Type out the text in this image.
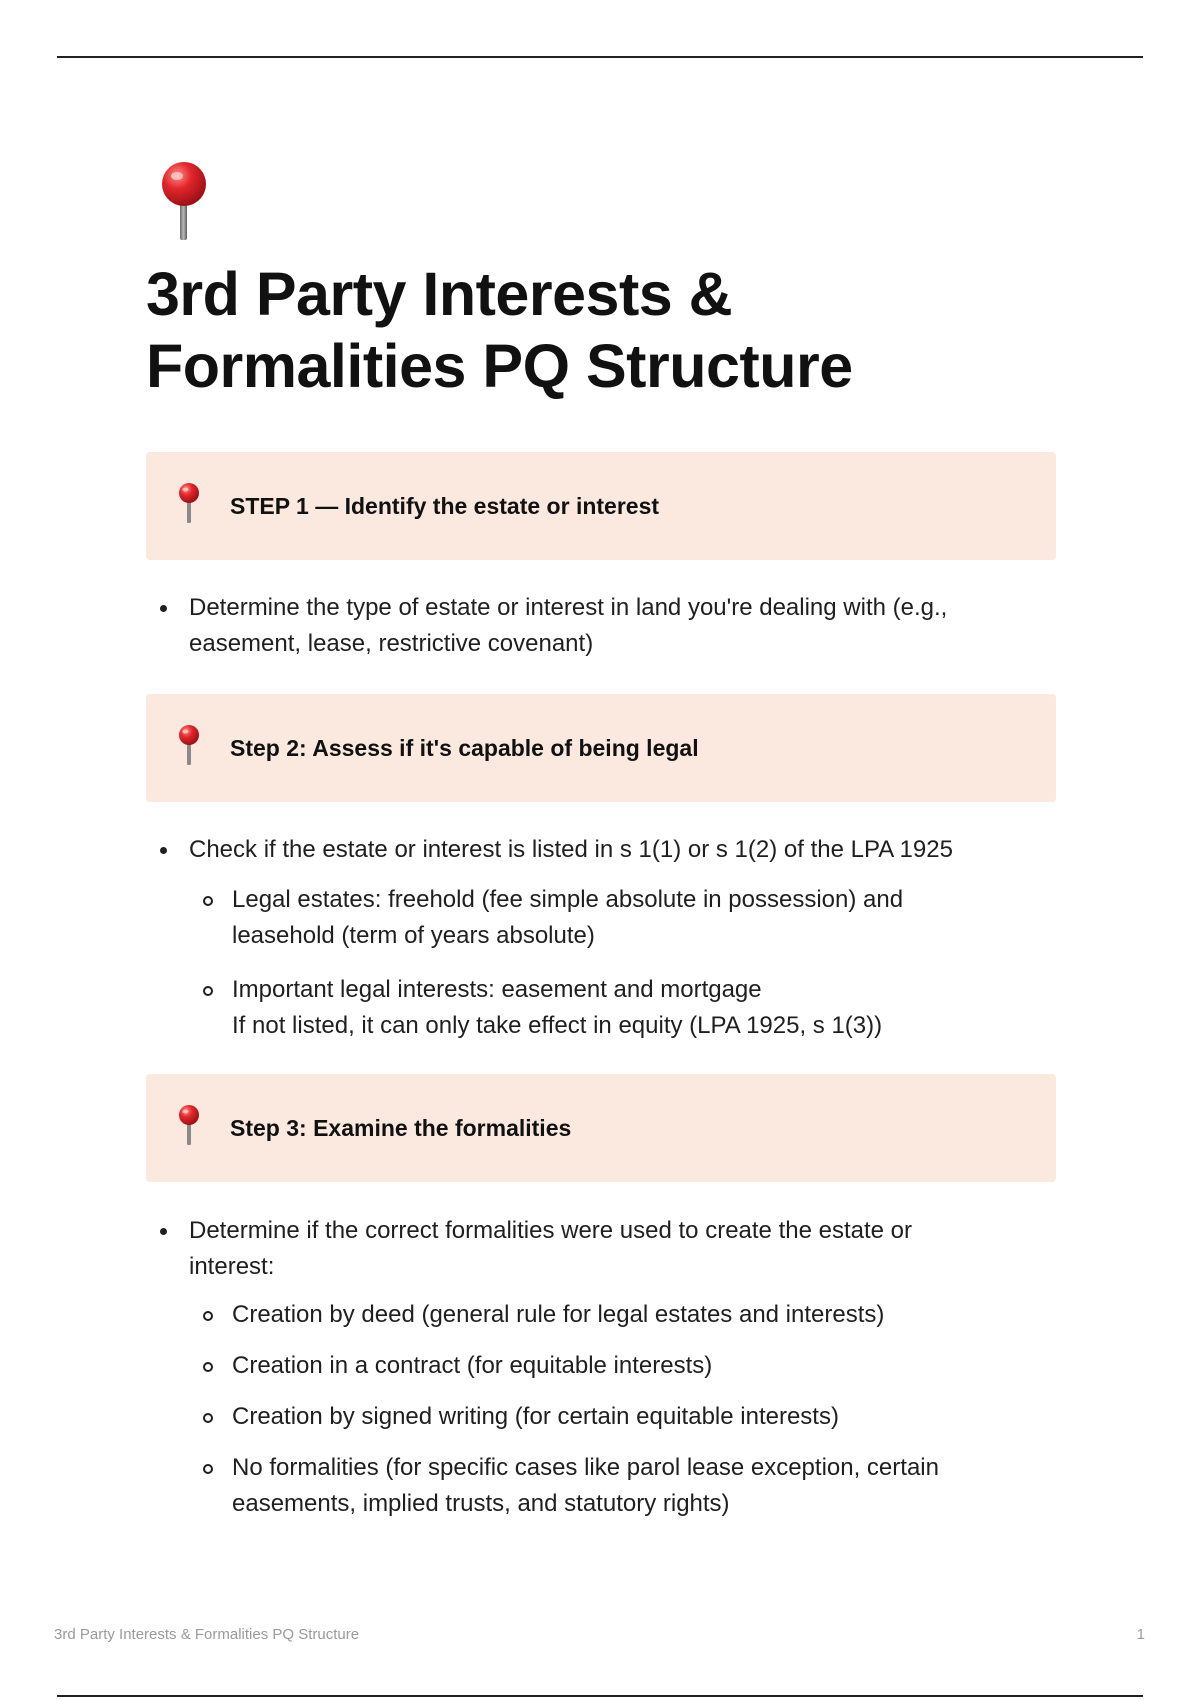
3rd Party Interests &
Formalities PQ Structure
STEP 1 — Identify the estate or interest
Determine the type of estate or interest in land you're dealing with (e.g.,
easement, lease, restrictive covenant)
Step 2: Assess if it's capable of being legal
Check if the estate or interest is listed in s 1(1) or s 1(2) of the LPA 1925
Legal estates: freehold (fee simple absolute in possession) and
leasehold (term of years absolute)
Important legal interests: easement and mortgage
If not listed, it can only take effect in equity (LPA 1925, s 1(3))
Step 3: Examine the formalities
Determine if the correct formalities were used to create the estate or
interest:
Creation by deed (general rule for legal estates and interests)
Creation in a contract (for equitable interests)
Creation by signed writing (for certain equitable interests)
No formalities (for specific cases like parol lease exception, certain
easements, implied trusts, and statutory rights)
3rd Party Interests & Formalities PQ Structure	1
